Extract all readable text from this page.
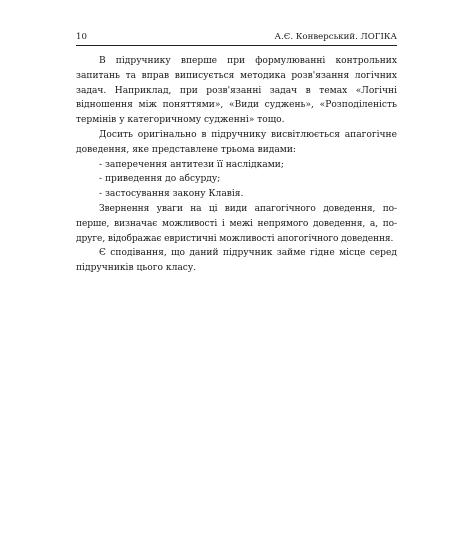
10	А.Є. Конверський. ЛОГІКА

В підручнику вперше при формулюванні контрольних запитань та вправ виписується методика розв'язання логічних задач. Наприклад, при розв'язанні задач в темах «Логічні відношення між поняттями», «Види суджень», «Розподіленість термінів у категоричному судженні» тощо.

Досить оригінально в підручнику висвітлюється апагогічне доведення, яке представлене трьома видами:

- заперечення антитези її наслідками;
- приведення до абсурду;
- застосування закону Клавія.

Звернення уваги на ці види апагогічного доведення, по-перше, визначає можливості і межі непрямого доведення, а, по-друге, відображає евристичні можливості апогогічного доведення.

Є сподівання, що даний підручник займе гідне місце серед підручників цього класу.
